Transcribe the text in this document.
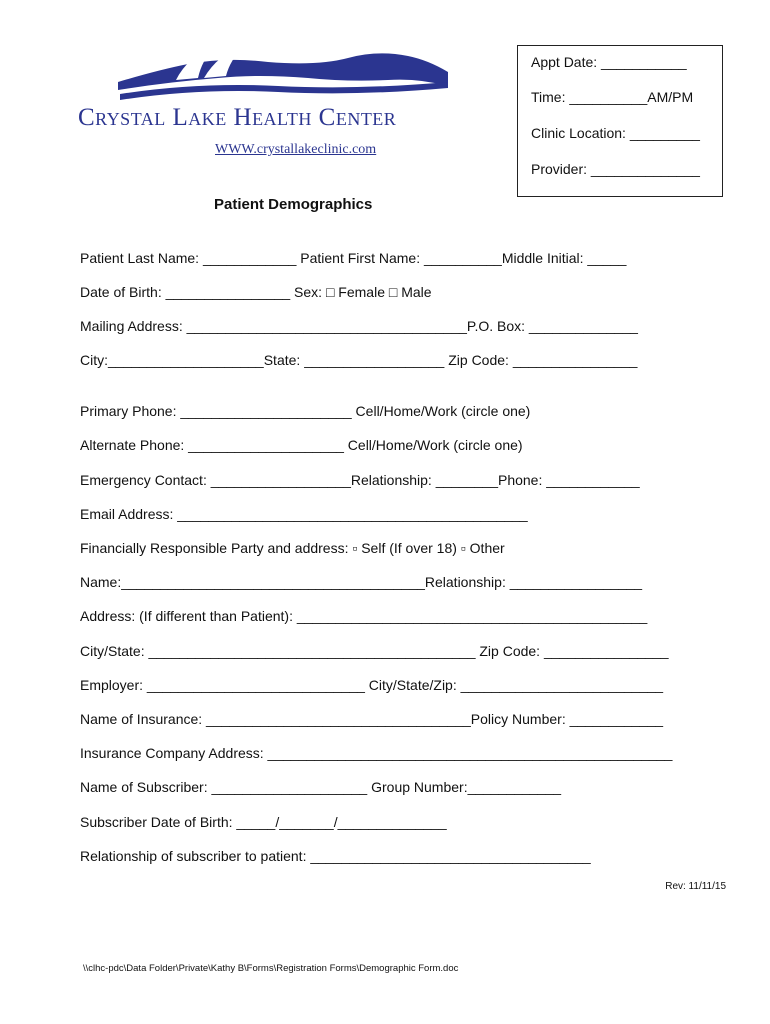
Crystal Lake Health Center
WWW.crystallakeclinic.com
Appt Date: ___________
Time: __________AM/PM
Clinic Location: _________
Provider: ______________
Patient Demographics
Patient Last Name: ____________ Patient First Name: __________Middle Initial: _____
Date of Birth: ________________ Sex: □ Female □ Male
Mailing Address: ____________________________________P.O. Box: ______________
City:____________________State: __________________ Zip Code: ________________
Primary Phone: ______________________ Cell/Home/Work (circle one)
Alternate Phone: ____________________ Cell/Home/Work (circle one)
Emergency Contact: __________________Relationship: ________Phone: ____________
Email Address: _____________________________________________
Financially Responsible Party and address: ▫ Self (If over 18) ▫ Other
Name:_______________________________________Relationship: _________________
Address: (If different than Patient): _____________________________________________
City/State: __________________________________________ Zip Code: ________________
Employer: ____________________________ City/State/Zip: __________________________
Name of Insurance: __________________________________Policy Number: ____________
Insurance Company Address: ____________________________________________________
Name of Subscriber: ____________________ Group Number:____________
Subscriber Date of Birth: _____/_______/______________
Relationship of subscriber to patient: ____________________________________
Rev: 11/11/15
\\clhc-pdc\Data Folder\Private\Kathy B\Forms\Registration Forms\Demographic Form.doc
